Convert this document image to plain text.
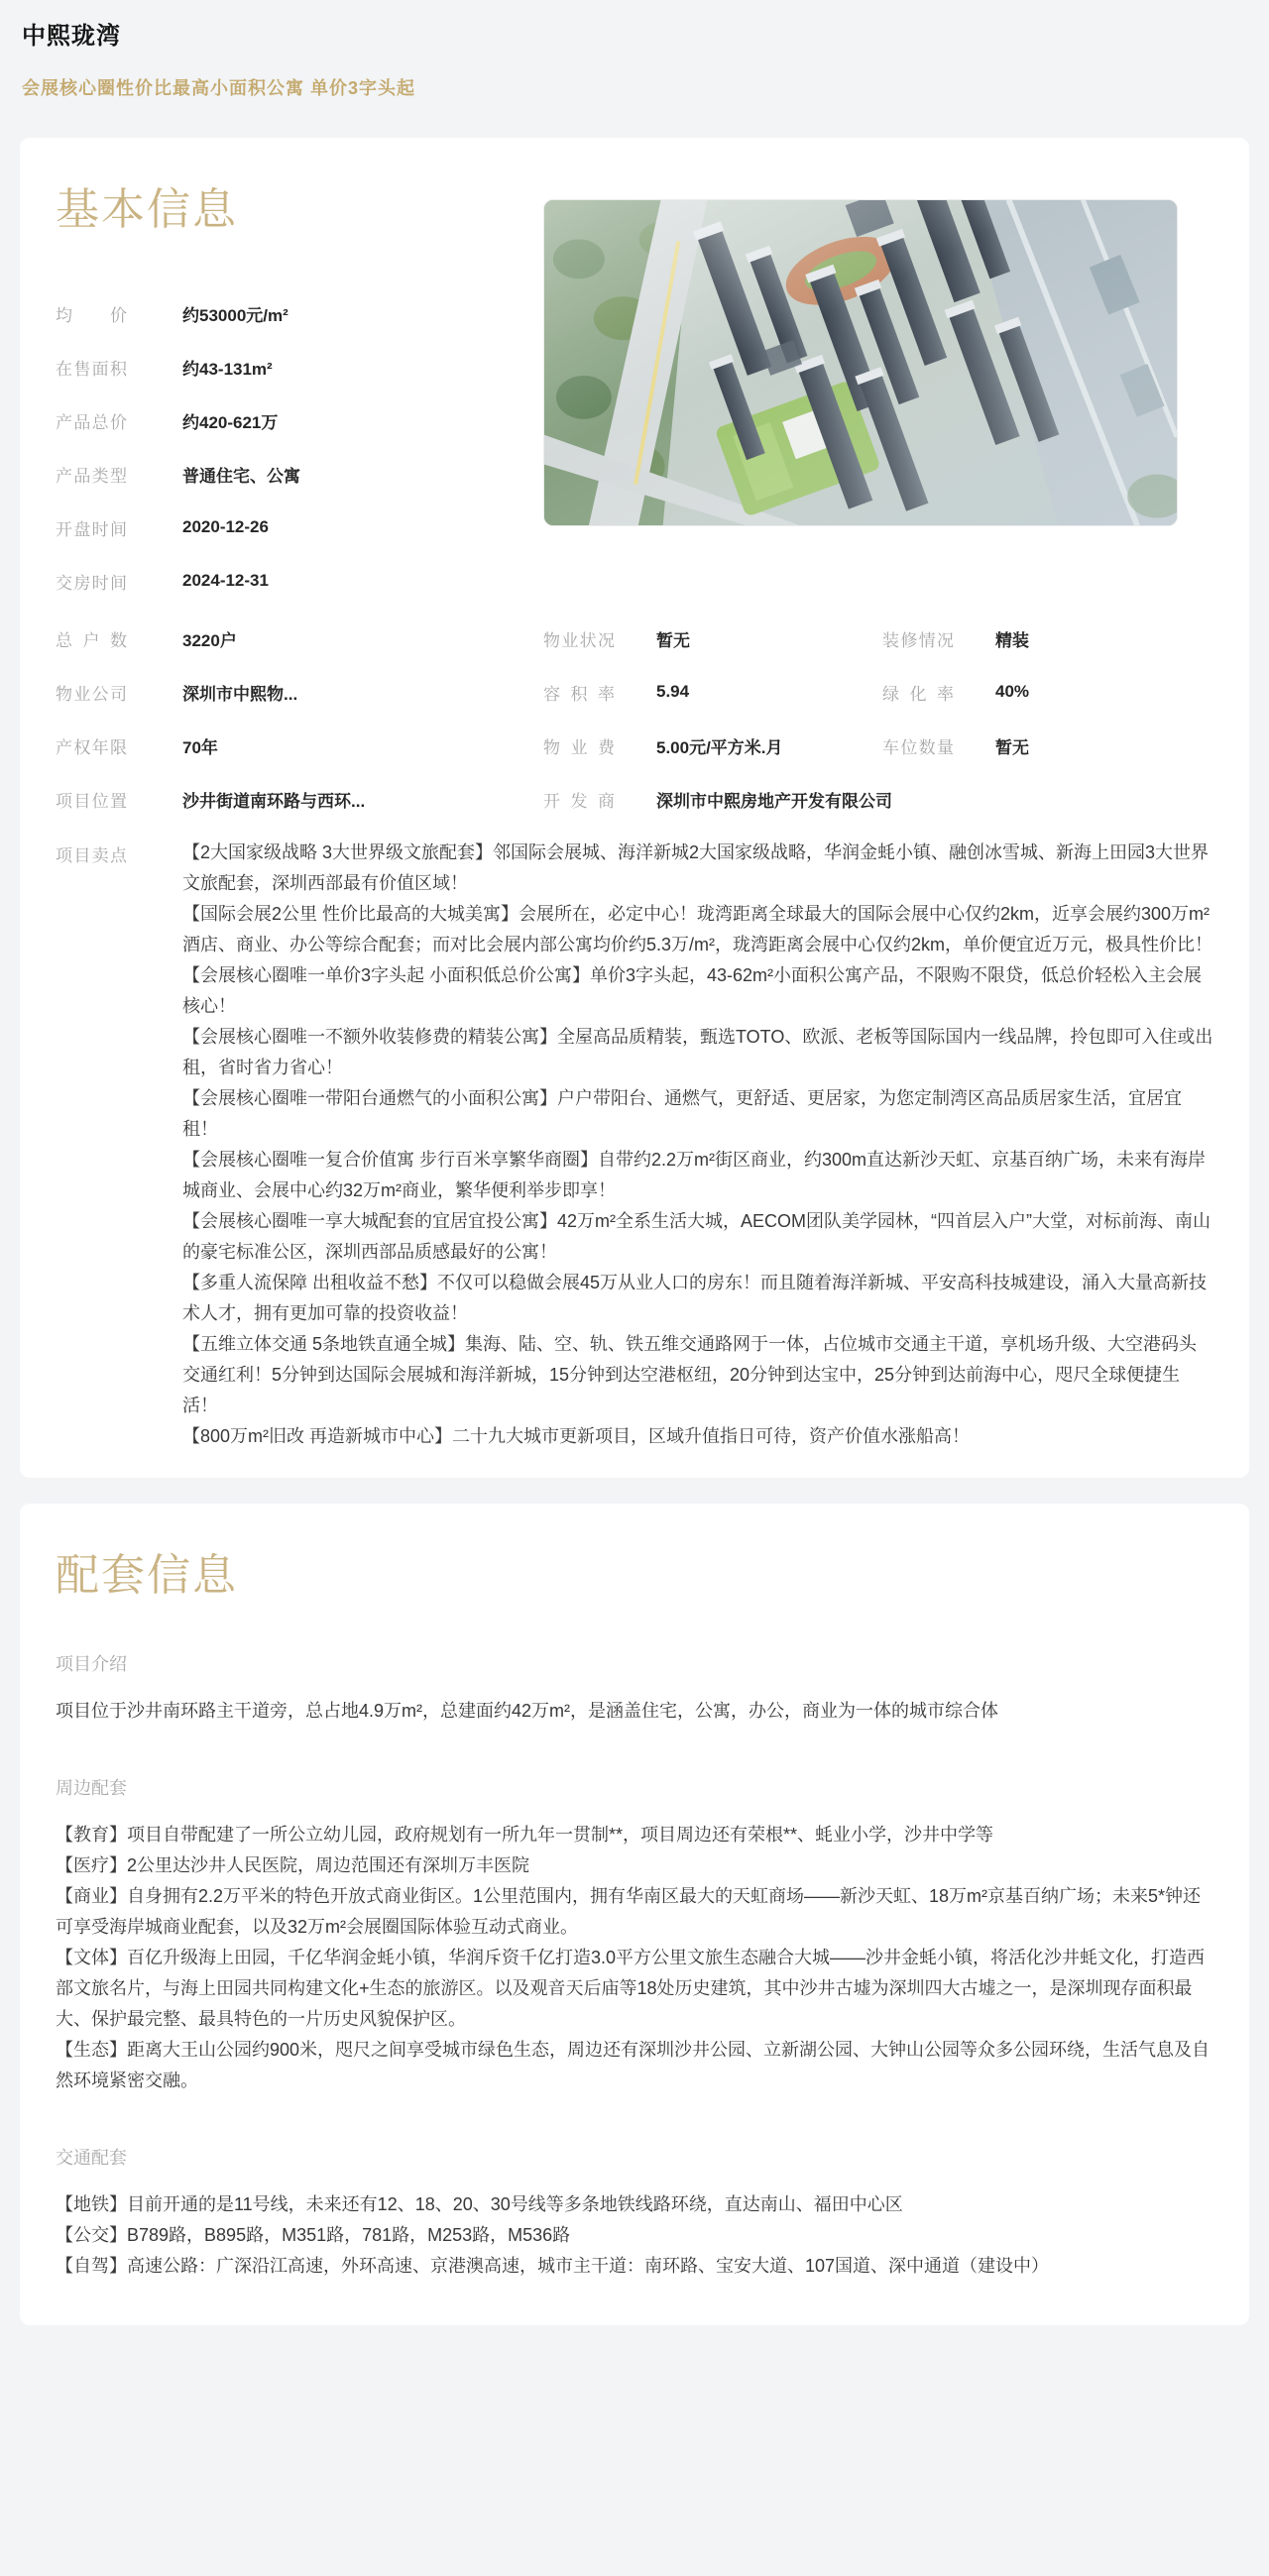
中熙珑湾
会展核心圈性价比最高小面积公寓 单价3字头起
基本信息
均价	约53000元/m²
在售面积	约43-131m²
产品总价	约420-621万
产品类型	普通住宅、公寓
开盘时间	2020-12-26
交房时间	2024-12-31
总户数	3220户	物业状况 暂无	装修情况 精装
物业公司	深圳市中熙物...	容积率 5.94	绿化率 40%
产权年限	70年	物业费 5.00元/平方米.月	车位数量 暂无
项目位置	沙井街道南环路与西环...	开发商 深圳市中熙房地产开发有限公司
项目卖点	【2大国家级战略 3大世界级文旅配套】邻国际会展城、海洋新城2大国家级战略，华润金蚝小镇、融创冰雪城、新海上田园3大世界文旅配套，深圳西部最有价值区域！

【国际会展2公里 性价比最高的大城美寓】会展所在，必定中心！珑湾距离全球最大的国际会展中心仅约2km，近享会展约300万m²酒店、商业、办公等综合配套；而对比会展内部公寓均价约5.3万/m²，珑湾距离会展中心仅约2km，单价便宜近万元，极具性价比！

【会展核心圈唯一单价3字头起 小面积低总价公寓】单价3字头起，43-62m²小面积公寓产品，不限购不限贷，低总价轻松入主会展核心！

【会展核心圈唯一不额外收装修费的精装公寓】全屋高品质精装，甄选TOTO、欧派、老板等国际国内一线品牌，拎包即可入住或出租，省时省力省心！

【会展核心圈唯一带阳台通燃气的小面积公寓】户户带阳台、通燃气，更舒适、更居家，为您定制湾区高品质居家生活，宜居宜租！

【会展核心圈唯一复合价值寓 步行百米享繁华商圈】自带约2.2万m²街区商业，约300m直达新沙天虹、京基百纳广场，未来有海岸城商业、会展中心约32万m²商业，繁华便利举步即享！

【会展核心圈唯一享大城配套的宜居宜投公寓】42万m²全系生活大城，AECOM团队美学园林，“四首层入户”大堂，对标前海、南山的豪宅标准公区，深圳西部品质感最好的公寓！

【多重人流保障 出租收益不愁】不仅可以稳做会展45万从业人口的房东！而且随着海洋新城、平安高科技城建设，涌入大量高新技术人才，拥有更加可靠的投资收益！

【五维立体交通 5条地铁直通全城】集海、陆、空、轨、铁五维交通路网于一体，占位城市交通主干道，享机场升级、大空港码头交通红利！5分钟到达国际会展城和海洋新城，15分钟到达空港枢纽，20分钟到达宝中，25分钟到达前海中心，咫尺全球便捷生活！

【800万m²旧改 再造新城市中心】二十九大城市更新项目，区域升值指日可待，资产价值水涨船高！

配套信息
项目介绍

项目位于沙井南环路主干道旁，总占地4.9万m²，总建面约42万m²，是涵盖住宅，公寓，办公，商业为一体的城市综合体

周边配套

【教育】项目自带配建了一所公立幼儿园，政府规划有一所九年一贯制**，项目周边还有荣根**、蚝业小学，沙井中学等

【医疗】2公里达沙井人民医院，周边范围还有深圳万丰医院

【商业】自身拥有2.2万平米的特色开放式商业街区。1公里范围内，拥有华南区最大的天虹商场——新沙天虹、18万m²京基百纳广场；未来5*钟还可享受海岸城商业配套，以及32万m²会展圈国际体验互动式商业。

【文体】百亿升级海上田园，千亿华润金蚝小镇，华润斥资千亿打造3.0平方公里文旅生态融合大城——沙井金蚝小镇，将活化沙井蚝文化，打造西部文旅名片，与海上田园共同构建文化+生态的旅游区。以及观音天后庙等18处历史建筑，其中沙井古墟为深圳四大古墟之一，是深圳现存面积最大、保护最完整、最具特色的一片历史风貌保护区。

【生态】距离大王山公园约900米，咫尺之间享受城市绿色生态，周边还有深圳沙井公园、立新湖公园、大钟山公园等众多公园环绕，生活气息及自然环境紧密交融。

交通配套

【地铁】目前开通的是11号线，未来还有12、18、20、30号线等多条地铁线路环绕，直达南山、福田中心区

【公交】B789路，B895路，M351路，781路，M253路，M536路

【自驾】高速公路：广深沿江高速，外环高速、京港澳高速，城市主干道：南环路、宝安大道、107国道、深中通道（建设中）
